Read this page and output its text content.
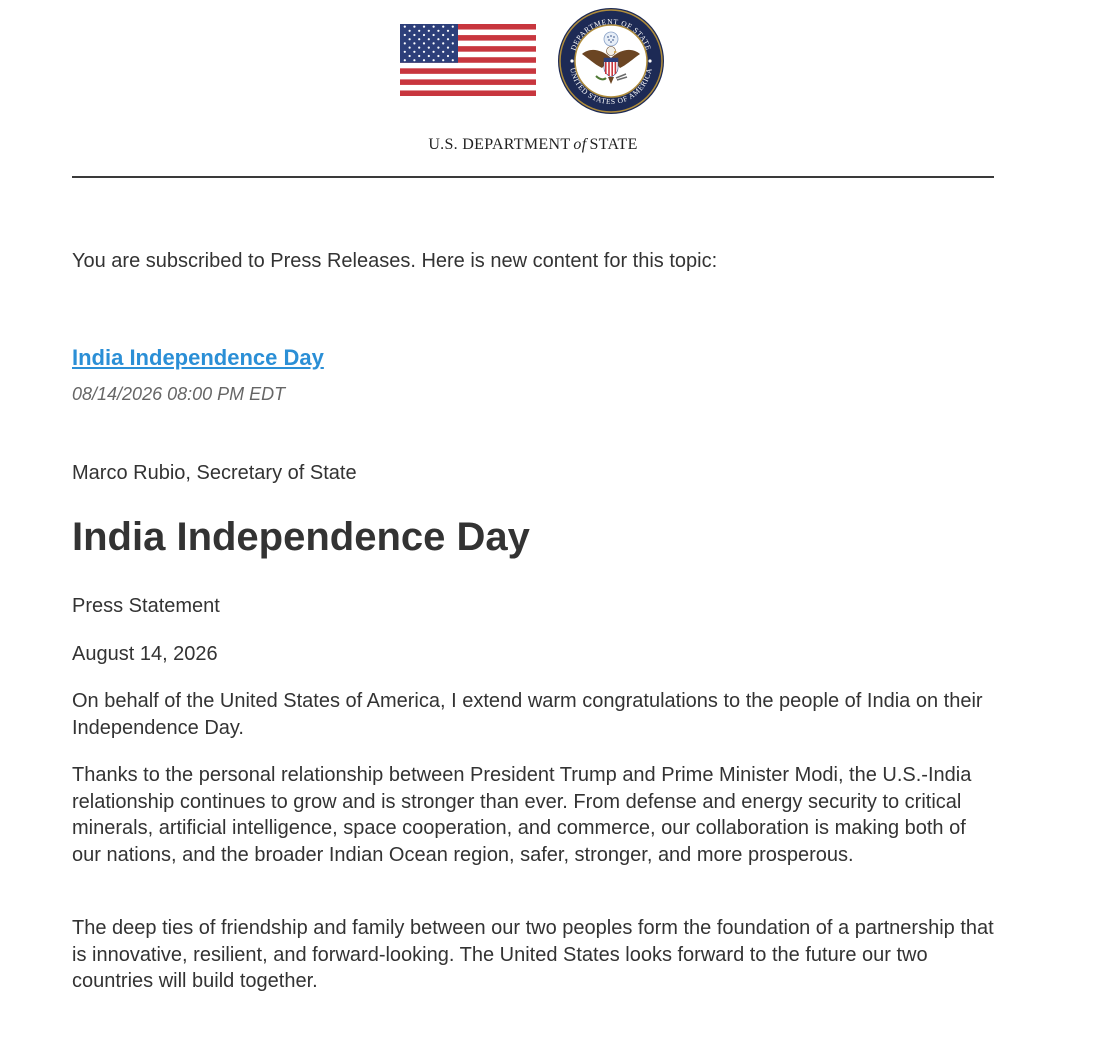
DEPARTMENT OF STATE
UNITED STATES OF AMERICA
U.S. DEPARTMENT of STATE

You are subscribed to Press Releases. Here is new content for this topic:

India Independence Day
08/14/2026 08:00 PM EDT
Marco Rubio, Secretary of State
India Independence Day
Press Statement
August 14, 2026

On behalf of the United States of America, I extend warm congratulations to the people of India on their Independence Day.

Thanks to the personal relationship between President Trump and Prime Minister Modi, the U.S.-India relationship continues to grow and is stronger than ever. From defense and energy security to critical minerals, artificial intelligence, space cooperation, and commerce, our collaboration is making both of our nations, and the broader Indian Ocean region, safer, stronger, and more prosperous.

The deep ties of friendship and family between our two peoples form the foundation of a partnership that is innovative, resilient, and forward-looking. The United States looks forward to the future our two countries will build together.
